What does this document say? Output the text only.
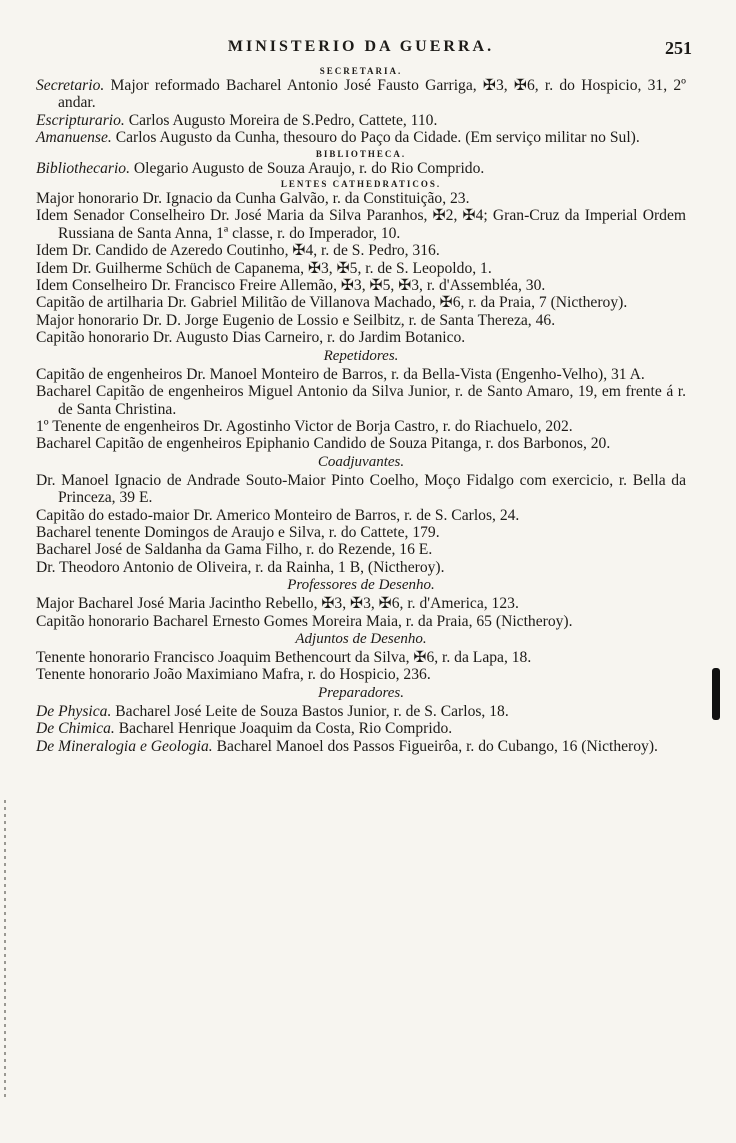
MINISTERIO DA GUERRA.	251
SECRETARIA.

Secretario. Major reformado Bacharel Antonio José Fausto Garriga, ✠3, ✠6, r. do Hospicio, 31, 2º andar.

Escripturario. Carlos Augusto Moreira de S.Pedro, Cattete, 110.

Amanuense. Carlos Augusto da Cunha, thesouro do Paço da Cidade. (Em serviço militar no Sul).

BIBLIOTHECA.

Bibliothecario. Olegario Augusto de Souza Araujo, r. do Rio Comprido.

LENTES CATHEDRATICOS.

Major honorario Dr. Ignacio da Cunha Galvão, r. da Constituição, 23.

Idem Senador Conselheiro Dr. José Maria da Silva Paranhos, ✠2, ✠4; Gran-Cruz da Imperial Ordem Russiana de Santa Anna, 1ª classe, r. do Imperador, 10.

Idem Dr. Candido de Azeredo Coutinho, ✠4, r. de S. Pedro, 316.

Idem Dr. Guilherme Schüch de Capanema, ✠3, ✠5, r. de S. Leopoldo, 1.

Idem Conselheiro Dr. Francisco Freire Allemão, ✠3, ✠5, ✠3, r. d'Assembléa, 30.

Capitão de artilharia Dr. Gabriel Militão de Villanova Machado, ✠6, r. da Praia, 7 (Nictheroy).

Major honorario Dr. D. Jorge Eugenio de Lossio e Seilbitz, r. de Santa Thereza, 46.

Capitão honorario Dr. Augusto Dias Carneiro, r. do Jardim Botanico.

Repetidores.

Capitão de engenheiros Dr. Manoel Monteiro de Barros, r. da Bella-Vista (Engenho-Velho), 31 A.

Bacharel Capitão de engenheiros Miguel Antonio da Silva Junior, r. de Santo Amaro, 19, em frente á r. de Santa Christina.

1º Tenente de engenheiros Dr. Agostinho Victor de Borja Castro, r. do Riachuelo, 202.

Bacharel Capitão de engenheiros Epiphanio Candido de Souza Pitanga, r. dos Barbonos, 20.

Coadjuvantes.

Dr. Manoel Ignacio de Andrade Souto-Maior Pinto Coelho, Moço Fidalgo com exercicio, r. Bella da Princeza, 39 E.

Capitão do estado-maior Dr. Americo Monteiro de Barros, r. de S. Carlos, 24.

Bacharel tenente Domingos de Araujo e Silva, r. do Cattete, 179.

Bacharel José de Saldanha da Gama Filho, r. do Rezende, 16 E.

Dr. Theodoro Antonio de Oliveira, r. da Rainha, 1 B, (Nictheroy).

Professores de Desenho.

Major Bacharel José Maria Jacintho Rebello, ✠3, ✠3, ✠6, r. d'America, 123.

Capitão honorario Bacharel Ernesto Gomes Moreira Maia, r. da Praia, 65 (Nictheroy).

Adjuntos de Desenho.

Tenente honorario Francisco Joaquim Bethencourt da Silva, ✠6, r. da Lapa, 18.

Tenente honorario João Maximiano Mafra, r. do Hospicio, 236.

Preparadores.

De Physica. Bacharel José Leite de Souza Bastos Junior, r. de S. Carlos, 18.

De Chimica. Bacharel Henrique Joaquim da Costa, Rio Comprido.

De Mineralogia e Geologia. Bacharel Manoel dos Passos Figueirôa, r. do Cubango, 16 (Nictheroy).
